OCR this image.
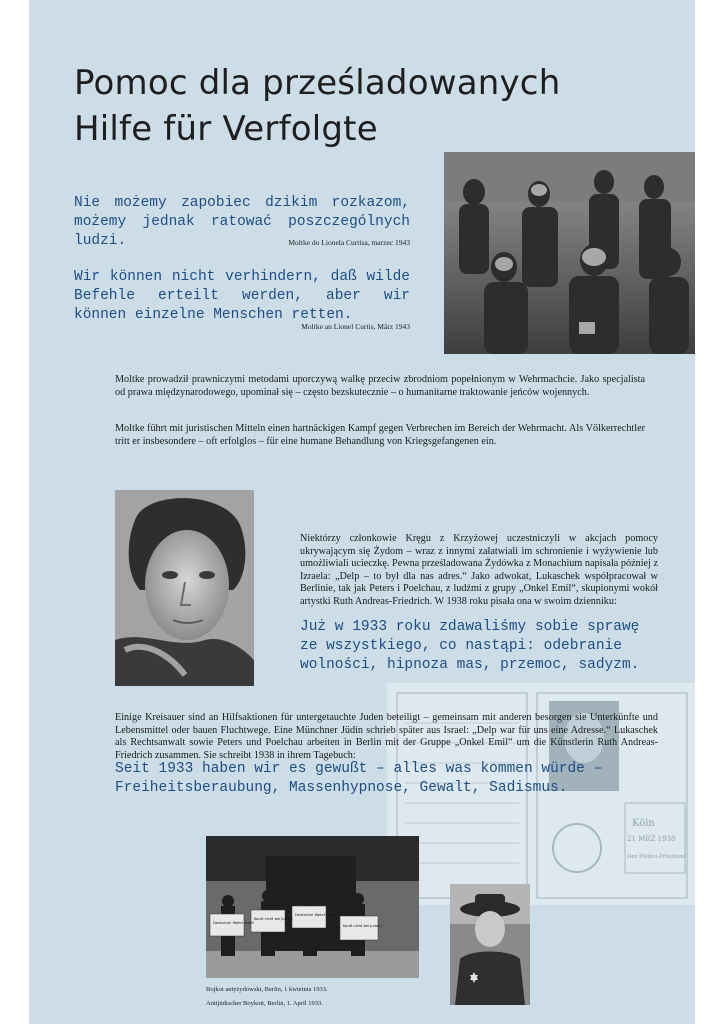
Pomoc dla prześladowanych
Hilfe für Verfolgte
Nie możemy zapobiec dzikim rozkazom, możemy jednak ratować poszczególnych ludzi.	Moltke do Lionela Curtisa, marzec 1943
Wir können nicht verhindern, daß wilde Befehle erteilt werden, aber wir können einzelne Menschen retten.
Moltke an Lionel Curtis, März 1943
Moltke prowadził prawniczymi metodami uporczywą walkę przeciw zbrodniom popełnionym w Wehrmachcie. Jako specjalista od prawa międzynarodowego, upominał się – często bezskutecznie – o humanitarne traktowanie jeńców wojennych.
Moltke führt mit juristischen Mitteln einen hartnäckigen Kampf gegen Verbrechen im Bereich der Wehrmacht. Als Völkerrechtler tritt er insbesondere – oft erfolglos – für eine humane Behandlung von Kriegsgefangenen ein.
Niektórzy członkowie Kręgu z Krzyżowej uczestniczyli w akcjach pomocy ukrywającym się Żydom – wraz z innymi załatwiali im schronienie i wyżywienie lub umożliwiali ucieczkę. Pewna prześladowana Żydówka z Monachium napisała później z Izraela: „Delp – to był dla nas adres.“ Jako adwokat, Lukaschek współpracował w Berlinie, tak jak Peters i Poelchau, z ludźmi z grupy „Onkel Emil“, skupionymi wokół artystki Ruth Andreas-Friedrich. W 1938 roku pisała ona w swoim dzienniku:
Już w 1933 roku zdawaliśmy sobie sprawę ze wszystkiego, co nastąpi: odebranie wolności, hipnoza mas, przemoc, sadyzm.
Köln
21 MRZ 1938
Der Polizei-Präsident
Einige Kreisauer sind an Hilfsaktionen für untergetauchte Juden beteiligt – gemeinsam mit anderen besorgen sie Unterkünfte und Lebensmittel oder bauen Fluchtwege. Eine Münchner Jüdin schrieb später aus Israel: „Delp war für uns eine Adresse.“ Lukaschek als Rechtsanwalt sowie Peters und Poelchau arbeiten in Berlin mit der Gruppe „Onkel Emil“ um die Künstlerin Ruth Andreas-Friedrich zusammen. Sie schreibt 1938 in ihrem Tagebuch:
Seit 1933 haben wir es gewußt – alles was kommen würde – Freiheitsberaubung, Massenhypnose, Gewalt, Sadismus.
Deutsche! Wehrt euch!
Kauft nicht bei Juden!
Deutsche! Wehrt euch!
Kauft nicht bei Juden!
Bojkot antyżydowski, Berlin, 1 kwietnia 1933.
Antijüdischer Boykott, Berlin, 1. April 1933.
